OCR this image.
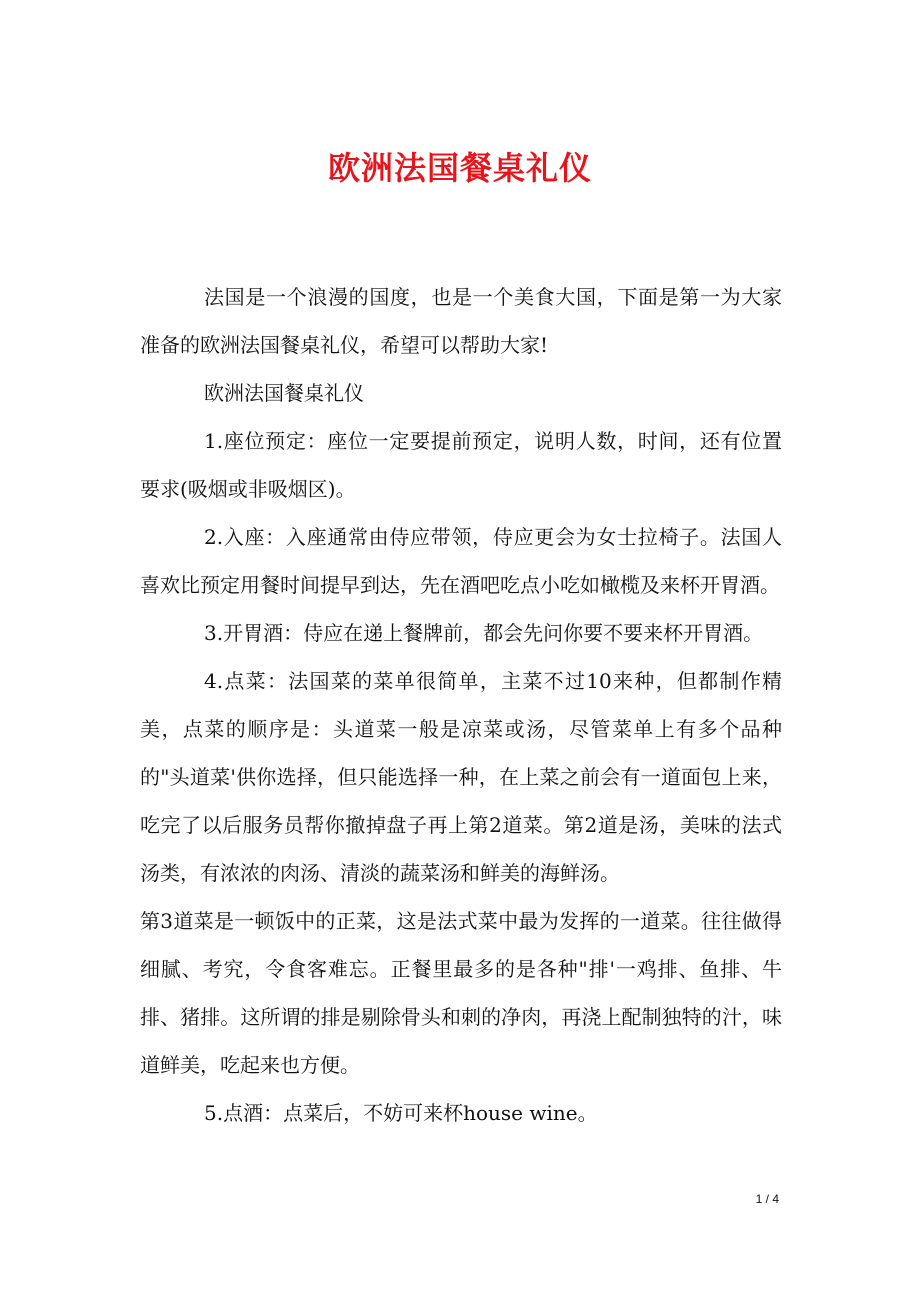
欧洲法国餐桌礼仪

法国是一个浪漫的国度，也是一个美食大国，下面是第一为大家准备的欧洲法国餐桌礼仪，希望可以帮助大家!

欧洲法国餐桌礼仪

1.座位预定：座位一定要提前预定，说明人数，时间，还有位置要求(吸烟或非吸烟区)。

2.入座：入座通常由侍应带领，侍应更会为女士拉椅子。法国人喜欢比预定用餐时间提早到达，先在酒吧吃点小吃如橄榄及来杯开胃酒。

3.开胃酒：侍应在递上餐牌前，都会先问你要不要来杯开胃酒。

4.点菜：法国菜的菜单很简单，主菜不过10来种，但都制作精美，点菜的顺序是：头道菜一般是凉菜或汤，尽管菜单上有多个品种的"头道菜'供你选择，但只能选择一种，在上菜之前会有一道面包上来，吃完了以后服务员帮你撤掉盘子再上第2道菜。第2道是汤，美味的法式汤类，有浓浓的肉汤、清淡的蔬菜汤和鲜美的海鲜汤。

第3道菜是一顿饭中的正菜，这是法式菜中最为发挥的一道菜。往往做得细腻、考究，令食客难忘。正餐里最多的是各种"排'一鸡排、鱼排、牛排、猪排。这所谓的排是剔除骨头和刺的净肉，再浇上配制独特的汁，味道鲜美，吃起来也方便。

5.点酒：点菜后，不妨可来杯house wine。

1 / 4
